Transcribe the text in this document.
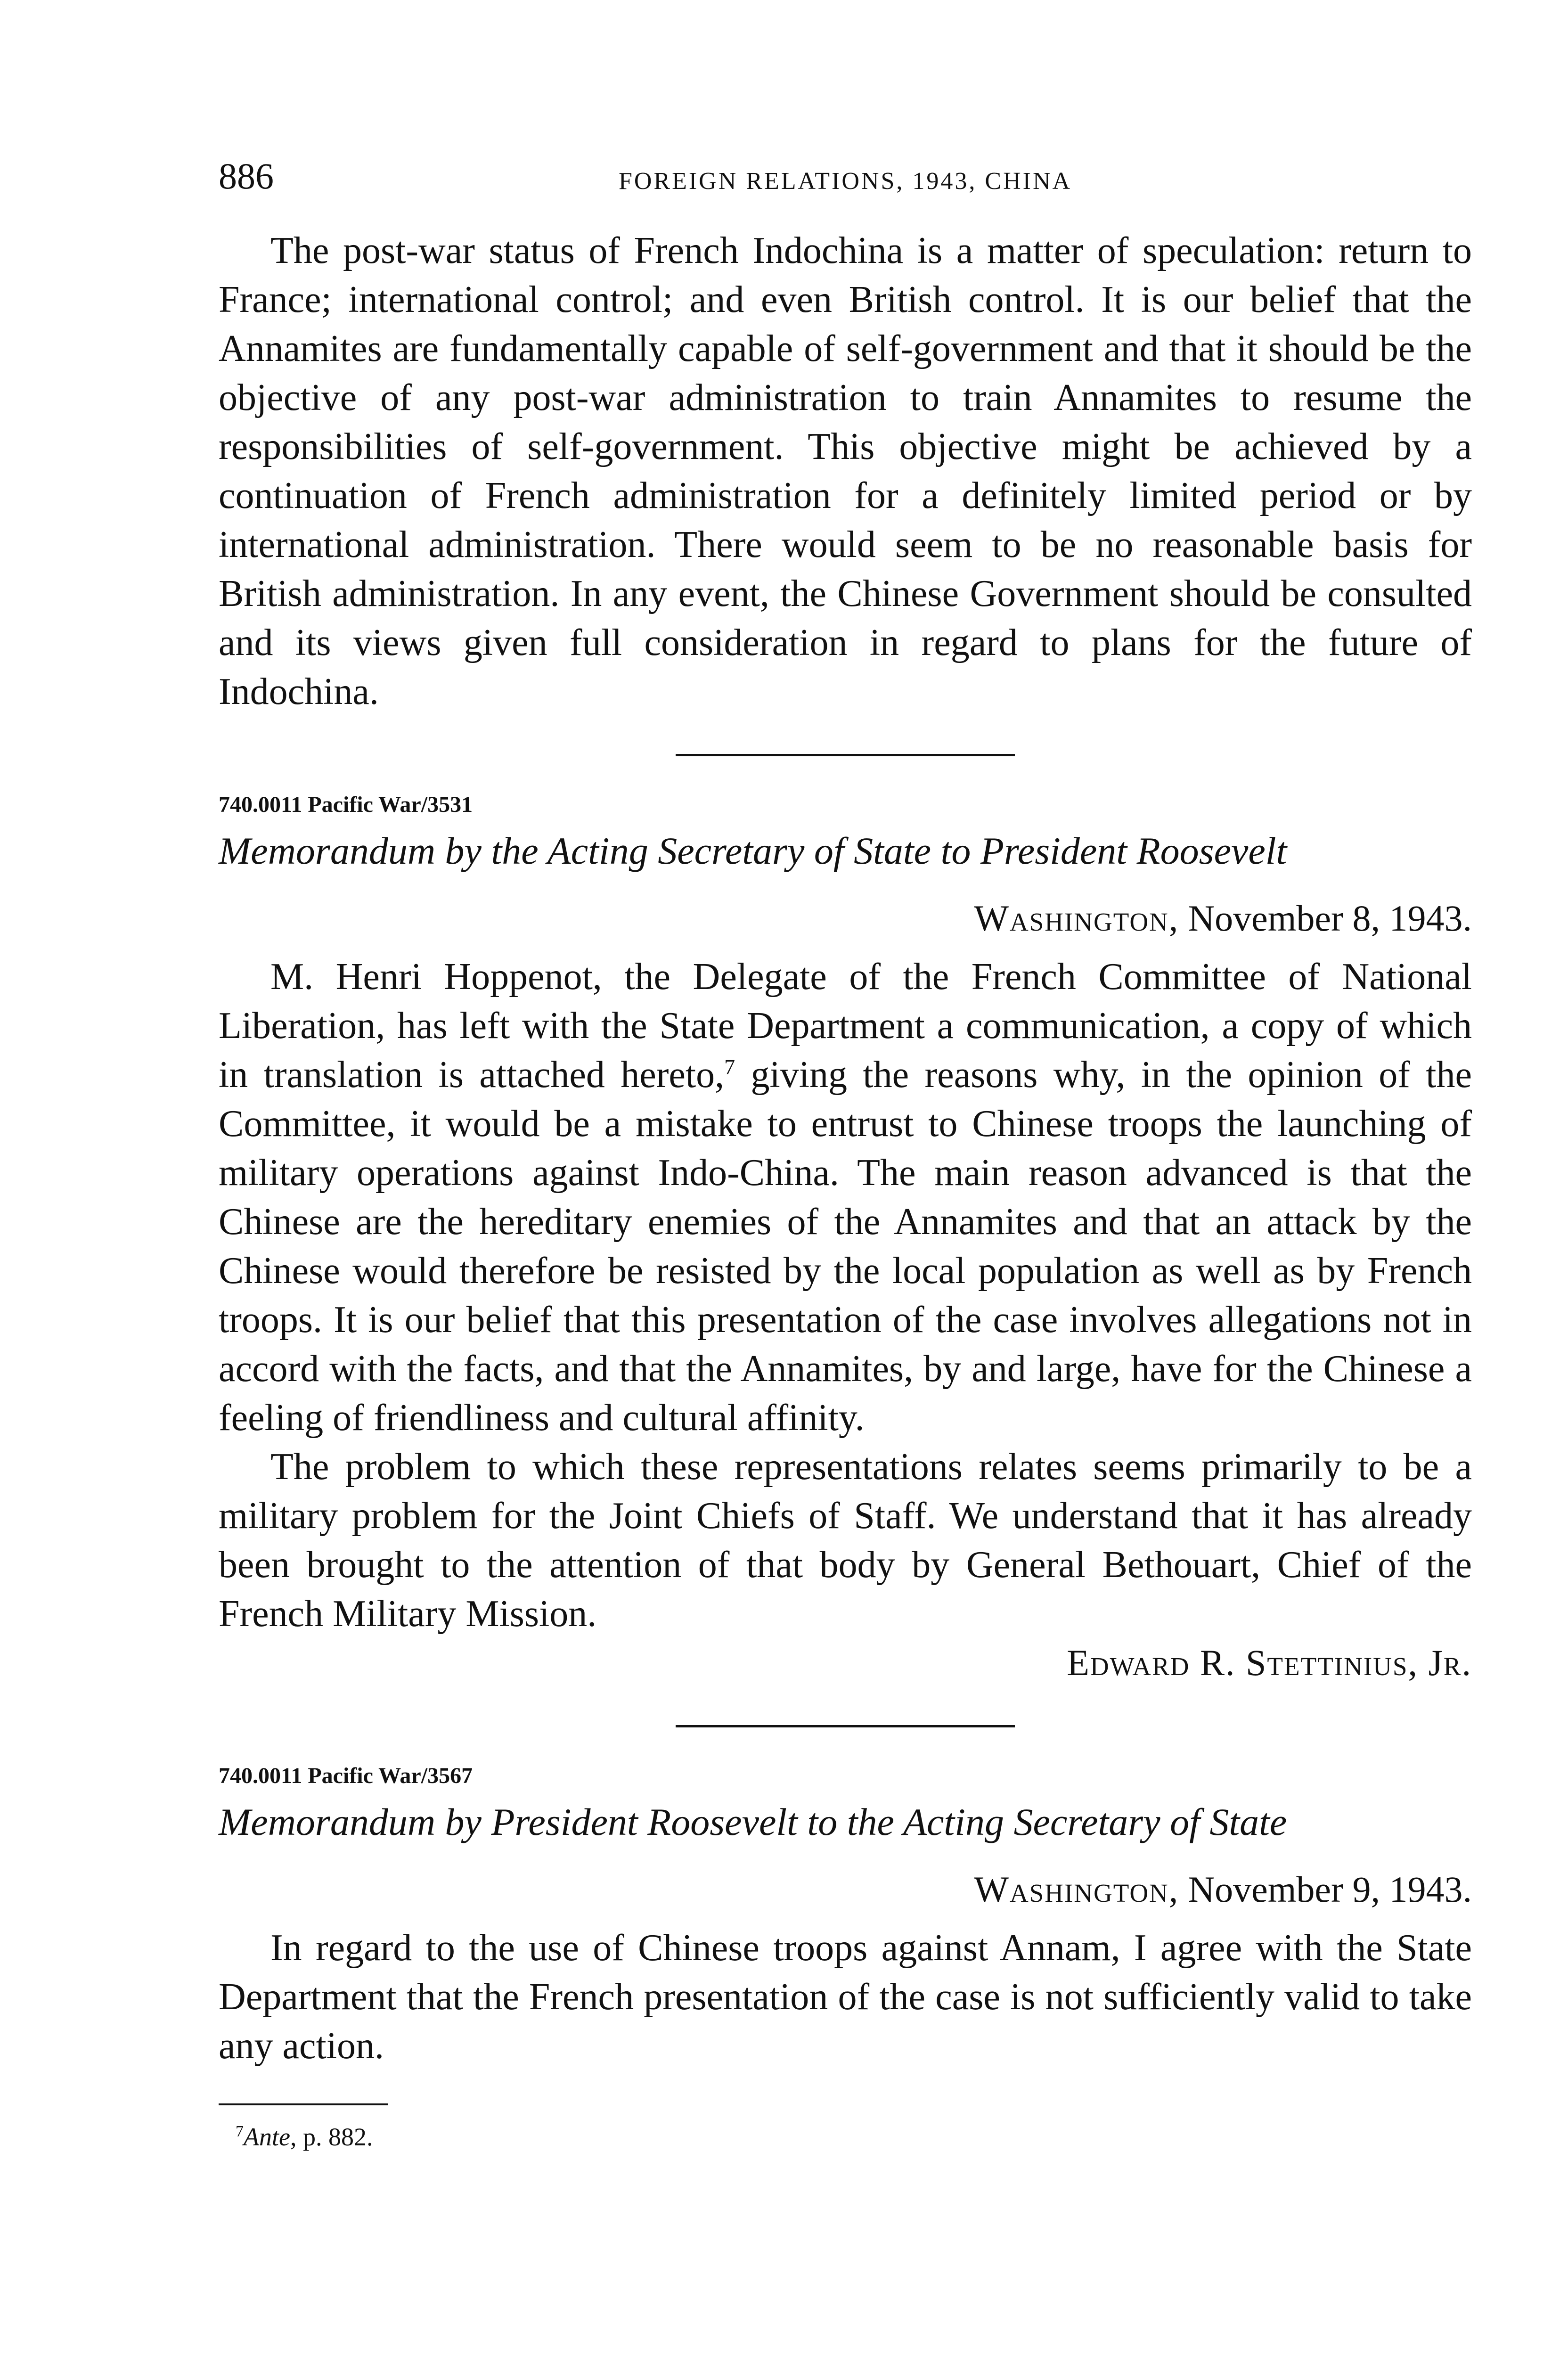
886	FOREIGN RELATIONS, 1943, CHINA

The post-war status of French Indochina is a matter of speculation: return to France; international control; and even British control. It is our belief that the Annamites are fundamentally capable of self-government and that it should be the objective of any post-war administration to train Annamites to resume the responsibilities of self-government. This objective might be achieved by a continuation of French administration for a definitely limited period or by international administration. There would seem to be no reasonable basis for British administration. In any event, the Chinese Government should be consulted and its views given full consideration in regard to plans for the future of Indochina.

740.0011 Pacific War/3531
Memorandum by the Acting Secretary of State to President Roosevelt
Washington, November 8, 1943.

M. Henri Hoppenot, the Delegate of the French Committee of National Liberation, has left with the State Department a communication, a copy of which in translation is attached hereto,$^7$ giving the reasons why, in the opinion of the Committee, it would be a mistake to entrust to Chinese troops the launching of military operations against Indo-China. The main reason advanced is that the Chinese are the hereditary enemies of the Annamites and that an attack by the Chinese would therefore be resisted by the local population as well as by French troops. It is our belief that this presentation of the case involves allegations not in accord with the facts, and that the Annamites, by and large, have for the Chinese a feeling of friendliness and cultural affinity.

The problem to which these representations relates seems primarily to be a military problem for the Joint Chiefs of Staff. We understand that it has already been brought to the attention of that body by General Bethouart, Chief of the French Military Mission.

Edward R. Stettinius, Jr.

740.0011 Pacific War/3567
Memorandum by President Roosevelt to the Acting Secretary of State
Washington, November 9, 1943.

In regard to the use of Chinese troops against Annam, I agree with the State Department that the French presentation of the case is not sufficiently valid to take any action.

$^7$Ante, p. 882.
